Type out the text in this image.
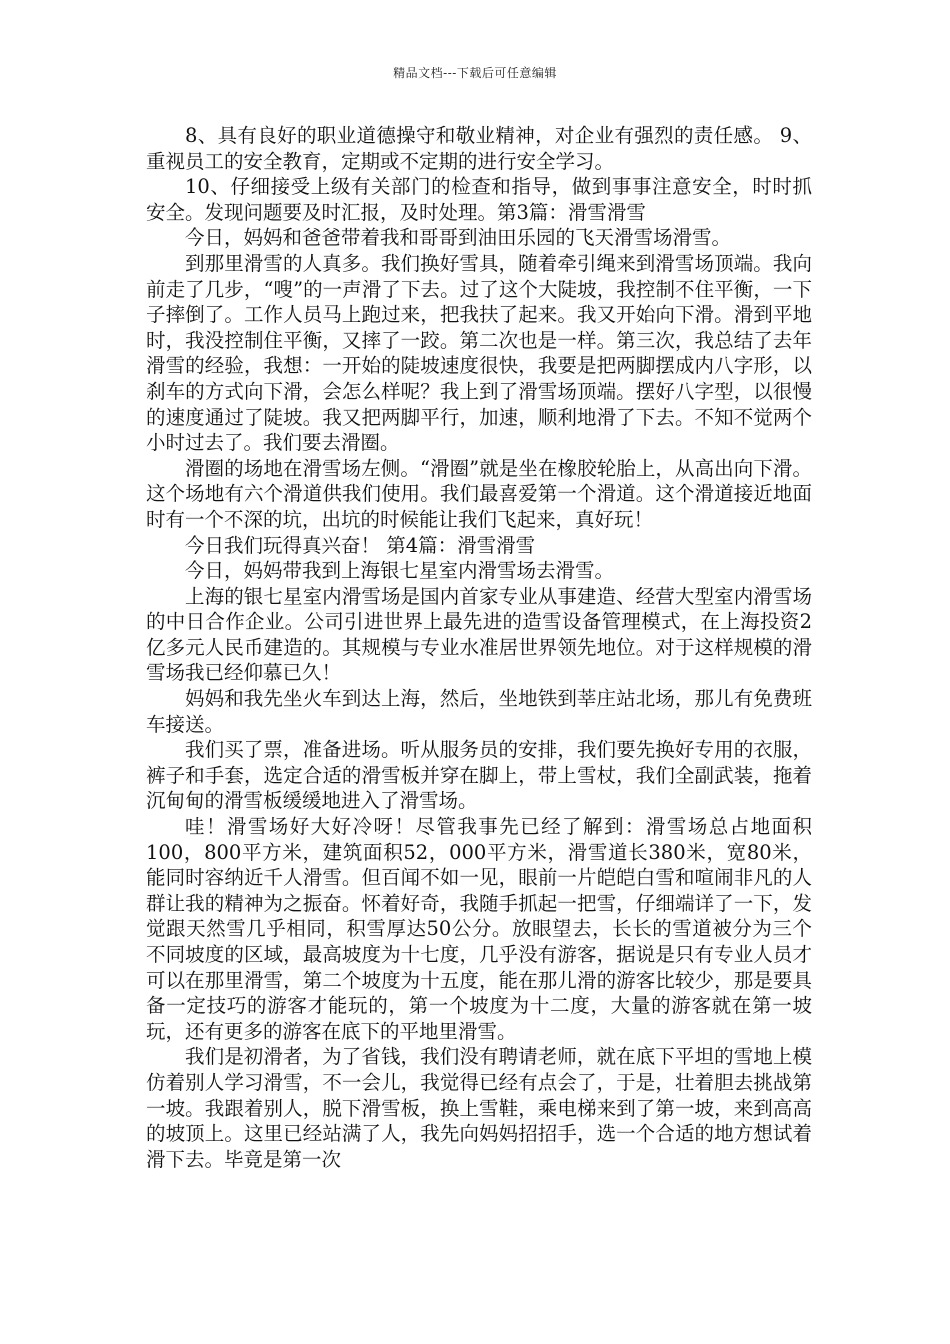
精品文档---下载后可任意编辑

8、具有良好的职业道德操守和敬业精神，对企业有强烈的责任感。 9、重视员工的安全教育，定期或不定期的进行安全学习。

10、仔细接受上级有关部门的检查和指导，做到事事注意安全，时时抓安全。发现问题要及时汇报，及时处理。第3篇：滑雪滑雪

今日，妈妈和爸爸带着我和哥哥到油田乐园的飞天滑雪场滑雪。

到那里滑雪的人真多。我们换好雪具，随着牵引绳来到滑雪场顶端。我向前走了几步，“嗖”的一声滑了下去。过了这个大陡坡，我控制不住平衡，一下子摔倒了。工作人员马上跑过来，把我扶了起来。我又开始向下滑。滑到平地时，我没控制住平衡，又摔了一跤。第二次也是一样。第三次，我总结了去年滑雪的经验，我想：一开始的陡坡速度很快，我要是把两脚摆成内八字形，以刹车的方式向下滑，会怎么样呢？我上到了滑雪场顶端。摆好八字型，以很慢的速度通过了陡坡。我又把两脚平行，加速，顺利地滑了下去。不知不觉两个小时过去了。我们要去滑圈。

滑圈的场地在滑雪场左侧。“滑圈”就是坐在橡胶轮胎上，从高出向下滑。这个场地有六个滑道供我们使用。我们最喜爱第一个滑道。这个滑道接近地面时有一个不深的坑，出坑的时候能让我们飞起来，真好玩！

今日我们玩得真兴奋！ 第4篇：滑雪滑雪

今日，妈妈带我到上海银七星室内滑雪场去滑雪。

上海的银七星室内滑雪场是国内首家专业从事建造、经营大型室内滑雪场的中日合作企业。公司引进世界上最先进的造雪设备管理模式，在上海投资2亿多元人民币建造的。其规模与专业水准居世界领先地位。对于这样规模的滑雪场我已经仰慕已久！

妈妈和我先坐火车到达上海，然后，坐地铁到莘庄站北场，那儿有免费班车接送。

我们买了票，准备进场。听从服务员的安排，我们要先换好专用的衣服，裤子和手套，选定合适的滑雪板并穿在脚上，带上雪杖，我们全副武装，拖着沉甸甸的滑雪板缓缓地进入了滑雪场。

哇！滑雪场好大好冷呀！尽管我事先已经了解到：滑雪场总占地面积100，800平方米，建筑面积52，000平方米，滑雪道长380米，宽80米，能同时容纳近千人滑雪。但百闻不如一见，眼前一片皑皑白雪和喧闹非凡的人群让我的精神为之振奋。怀着好奇，我随手抓起一把雪，仔细端详了一下，发觉跟天然雪几乎相同，积雪厚达50公分。放眼望去，长长的雪道被分为三个不同坡度的区域，最高坡度为十七度，几乎没有游客，据说是只有专业人员才可以在那里滑雪，第二个坡度为十五度，能在那儿滑的游客比较少，那是要具备一定技巧的游客才能玩的，第一个坡度为十二度，大量的游客就在第一坡玩，还有更多的游客在底下的平地里滑雪。

我们是初滑者，为了省钱，我们没有聘请老师，就在底下平坦的雪地上模仿着别人学习滑雪，不一会儿，我觉得已经有点会了，于是，壮着胆去挑战第一坡。我跟着别人，脱下滑雪板，换上雪鞋，乘电梯来到了第一坡，来到高高的坡顶上。这里已经站满了人，我先向妈妈招招手，选一个合适的地方想试着滑下去。毕竟是第一次
